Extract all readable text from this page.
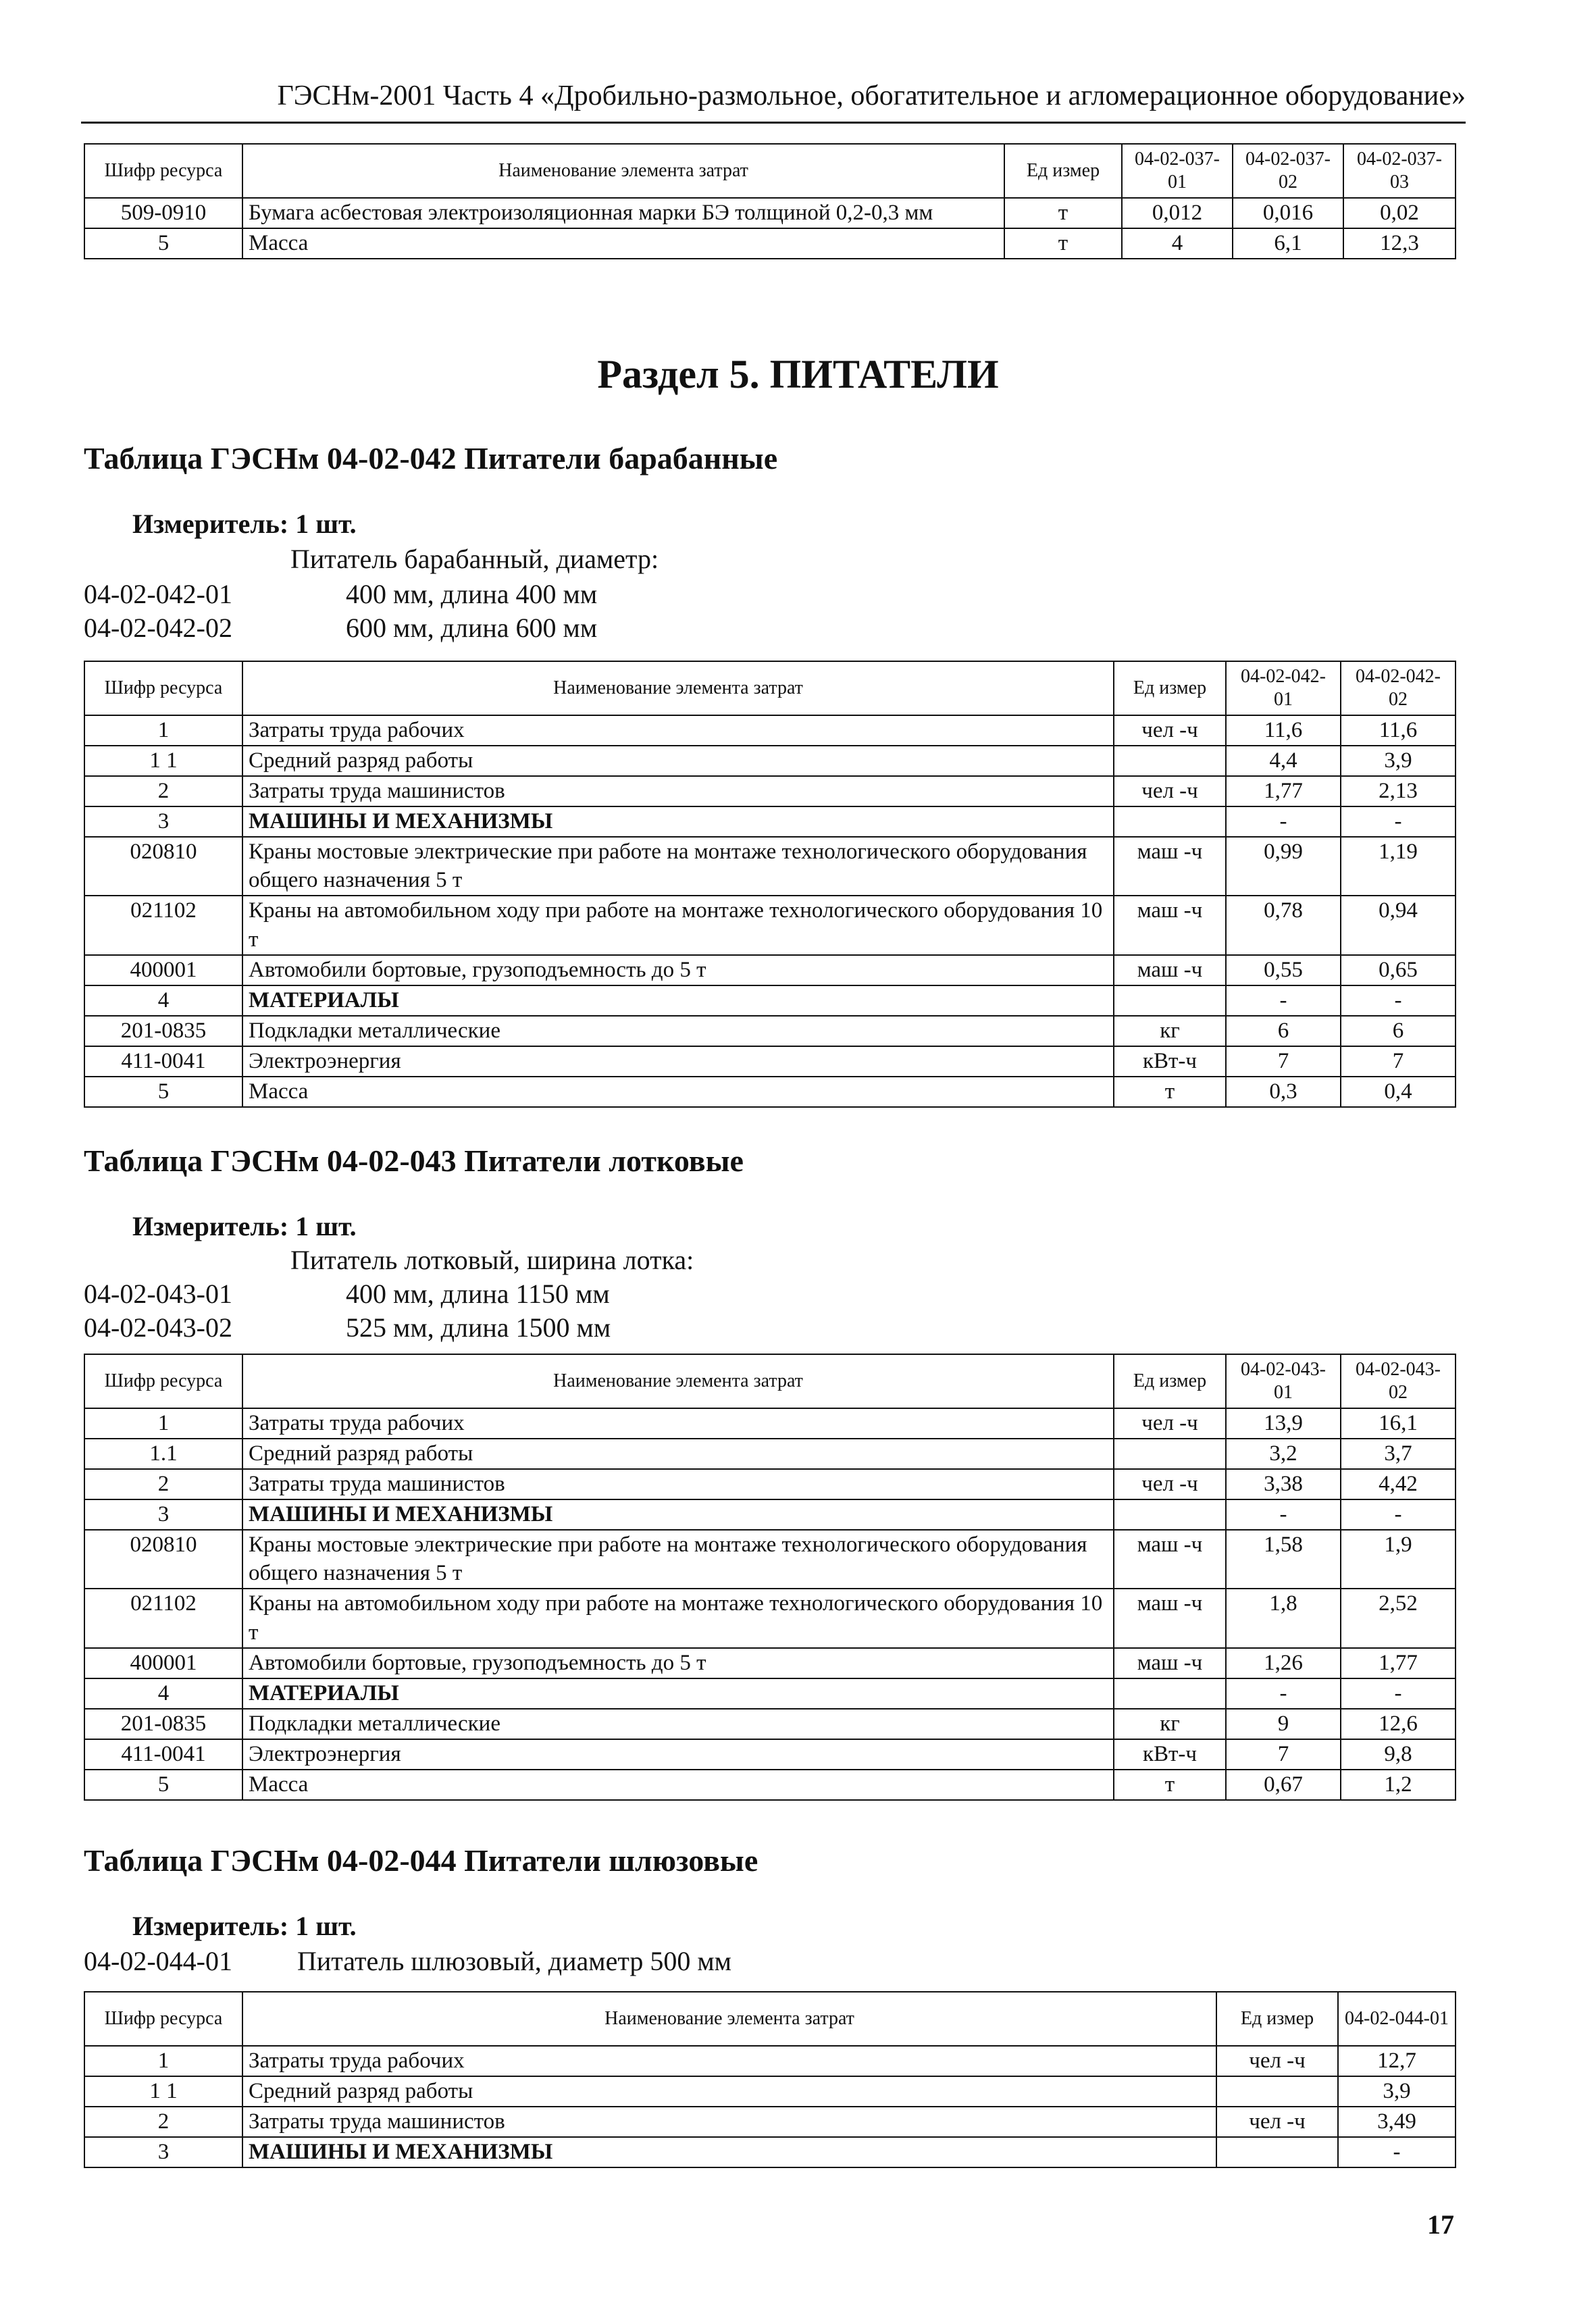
ГЭСНм-2001 Часть 4 «Дробильно-размольное, обогатительное и агломерационное оборудование»
Шифр ресурса	Наименование элемента затрат	Ед измер	04-02-037-01	04-02-037-02	04-02-037-03
509-0910	Бумага асбестовая электроизоляционная марки БЭ толщиной 0,2-0,3 мм	т	0,012	0,016	0,02
5	Масса	т	4	6,1	12,3
Раздел 5. ПИТАТЕЛИ
Таблица ГЭСНм 04-02-042 Питатели барабанные
Измеритель: 1 шт.
Питатель барабанный, диаметр:
04-02-042-01	400 мм, длина 400 мм
04-02-042-02	600 мм, длина 600 мм
Шифр ресурса	Наименование элемента затрат	Ед измер	04-02-042-01	04-02-042-02
1	Затраты труда рабочих	чел -ч	11,6	11,6
1 1	Средний разряд работы		4,4	3,9
2	Затраты труда машинистов	чел -ч	1,77	2,13
3	МАШИНЫ И МЕХАНИЗМЫ		-	-
020810	Краны мостовые электрические при работе на монтаже технологического оборудования общего назначения 5 т	маш -ч	0,99	1,19
021102	Краны на автомобильном ходу при работе на монтаже технологического оборудования 10 т	маш -ч	0,78	0,94
400001	Автомобили бортовые, грузоподъемность до 5 т	маш -ч	0,55	0,65
4	МАТЕРИАЛЫ		-	-
201-0835	Подкладки металлические	кг	6	6
411-0041	Электроэнергия	кВт-ч	7	7
5	Масса	т	0,3	0,4
Таблица ГЭСНм 04-02-043 Питатели лотковые
Измеритель: 1 шт.
Питатель лотковый, ширина лотка:
04-02-043-01	400 мм, длина 1150 мм
04-02-043-02	525 мм, длина 1500 мм
Шифр ресурса	Наименование элемента затрат	Ед измер	04-02-043-01	04-02-043-02
1	Затраты труда рабочих	чел -ч	13,9	16,1
1.1	Средний разряд работы		3,2	3,7
2	Затраты труда машинистов	чел -ч	3,38	4,42
3	МАШИНЫ И МЕХАНИЗМЫ		-	-
020810	Краны мостовые электрические при работе на монтаже технологического оборудования общего назначения 5 т	маш -ч	1,58	1,9
021102	Краны на автомобильном ходу при работе на монтаже технологического оборудования 10 т	маш -ч	1,8	2,52
400001	Автомобили бортовые, грузоподъемность до 5 т	маш -ч	1,26	1,77
4	МАТЕРИАЛЫ		-	-
201-0835	Подкладки металлические	кг	9	12,6
411-0041	Электроэнергия	кВт-ч	7	9,8
5	Масса	т	0,67	1,2
Таблица ГЭСНм 04-02-044 Питатели шлюзовые
Измеритель: 1 шт.
04-02-044-01 Питатель шлюзовый, диаметр 500 мм
Шифр ресурса	Наименование элемента затрат	Ед измер	04-02-044-01
1	Затраты труда рабочих	чел -ч	12,7
1 1	Средний разряд работы		3,9
2	Затраты труда машинистов	чел -ч	3,49
3	МАШИНЫ И МЕХАНИЗМЫ		-
17
